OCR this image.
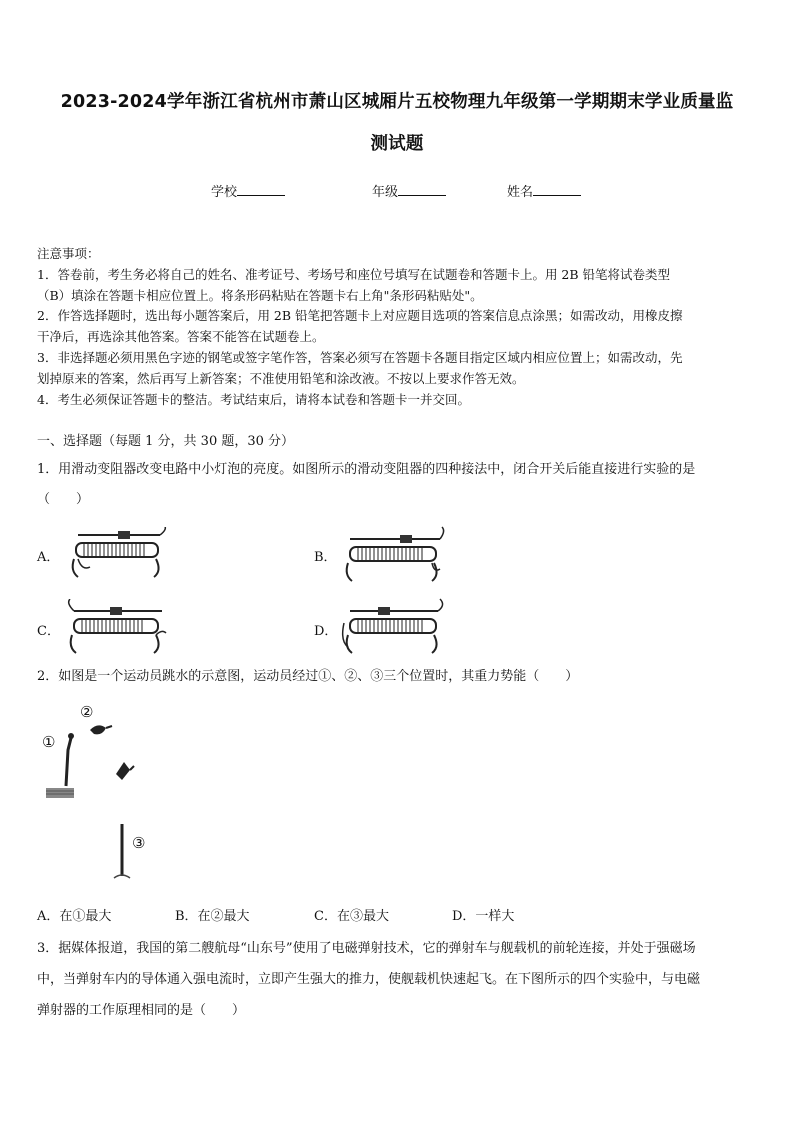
2023-2024学年浙江省杭州市萧山区城厢片五校物理九年级第一学期期末学业质量监
测试题
学校	年级	姓名
注意事项：
1．答卷前，考生务必将自己的姓名、准考证号、考场号和座位号填写在试题卷和答题卡上。用 2B 铅笔将试卷类型
（B）填涂在答题卡相应位置上。将条形码粘贴在答题卡右上角"条形码粘贴处"。
2．作答选择题时，选出每小题答案后，用 2B 铅笔把答题卡上对应题目选项的答案信息点涂黑；如需改动，用橡皮擦
干净后，再选涂其他答案。答案不能答在试题卷上。
3．非选择题必须用黑色字迹的钢笔或签字笔作答，答案必须写在答题卡各题目指定区域内相应位置上；如需改动，先
划掉原来的答案，然后再写上新答案；不准使用铅笔和涂改液。不按以上要求作答无效。
4．考生必须保证答题卡的整洁。考试结束后，请将本试卷和答题卡一并交回。
一、选择题（每题 1 分，共 30 题，30 分）
1．用滑动变阻器改变电路中小灯泡的亮度。如图所示的滑动变阻器的四种接法中，闭合开关后能直接进行实验的是
（　　）
A．	B．
C．	D．
2．如图是一个运动员跳水的示意图，运动员经过①、②、③三个位置时，其重力势能（　　）
①
②
③
A．在①最大	B．在②最大	C．在③最大	D．一样大
3．据媒体报道，我国的第二艘航母“山东号”使用了电磁弹射技术，它的弹射车与舰载机的前轮连接，并处于强磁场
中，当弹射车内的导体通入强电流时，立即产生强大的推力，使舰载机快速起飞。在下图所示的四个实验中，与电磁
弹射器的工作原理相同的是（　　）
